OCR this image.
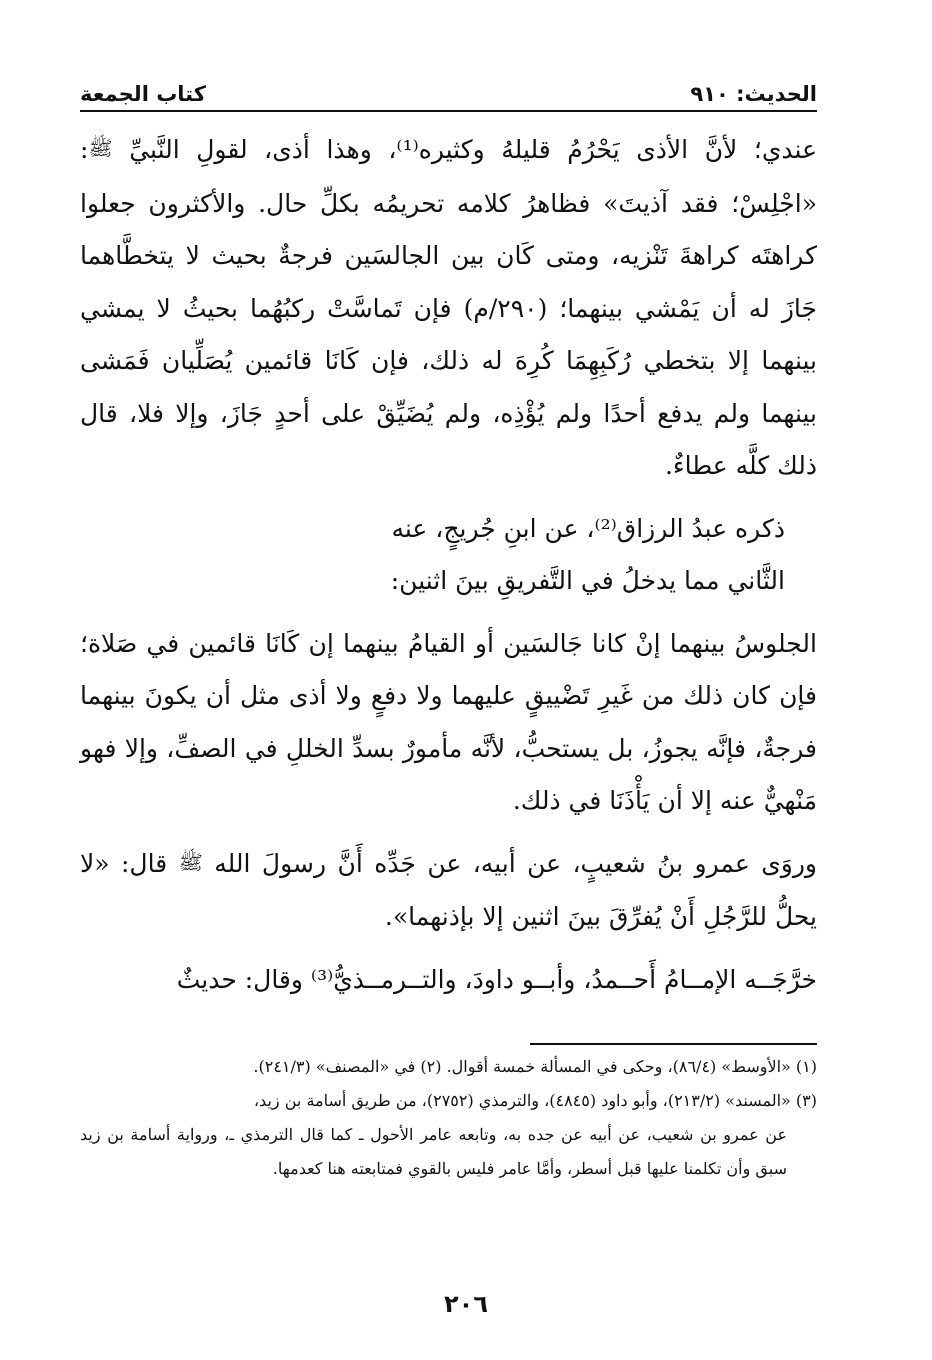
الحديث: ٩١٠
كتاب الجمعة

عندي؛ لأنَّ الأذى يَحْرُمُ قليلهُ وكثيره⁽¹⁾، وهذا أذى، لقولِ النَّبيِّ ﷺ: «اجْلِسْ؛ فقد آذيتَ» فظاهرُ كلامه تحريمُه بكلِّ حال. والأكثرون جعلوا كراهتَه كراهةَ تَنْزيه، ومتى كَان بين الجالسَين فرجةٌ بحيث لا يتخطَّاهما جَازَ له أن يَمْشي بينهما؛ (٢٩٠/م) فإن تَماسَّتْ ركبُهُما بحيثُ لا يمشي بينهما إلا بتخطي رُكَبِهِمَا كُرِهَ له ذلك، فإن كَانَا قائمين يُصَلِّيان فَمَشى بينهما ولم يدفع أحدًا ولم يُؤْذِه، ولم يُضَيِّقْ على أحدٍ جَازَ، وإلا فلا، قال ذلك كلَّه عطاءٌ.

ذكره عبدُ الرزاق⁽²⁾، عن ابنِ جُريجٍ، عنه

الثَّاني مما يدخلُ في التَّفريقِ بينَ اثنين:

الجلوسُ بينهما إنْ كانا جَالسَين أو القيامُ بينهما إن كَانَا قائمين في صَلاة؛ فإن كان ذلك من غَيرِ تَضْييقٍ عليهما ولا دفعٍ ولا أذى مثل أن يكونَ بينهما فرجةٌ، فإنَّه يجوزُ، بل يستحبُّ، لأنَّه مأمورٌ بسدِّ الخللِ في الصفِّ، وإلا فهو مَنْهيٌّ عنه إلا أن يَأْذَنَا في ذلك.

وروَى عمرو بنُ شعيبٍ، عن أبيه، عن جَدِّه أَنَّ رسولَ الله ﷺ قال: «لا يحلُّ للرَّجُلِ أَنْ يُفرِّقَ بينَ اثنين إلا بإذنهما».

خرَّجَــه الإمــامُ أَحــمدُ، وأبــو داودَ، والتــرمــذيُّ⁽³⁾ وقال: حديثٌ

(١) «الأوسط» (٨٦/٤)، وحكى في المسألة خمسة أقوال. (٢) في «المصنف» (٢٤١/٣).

(٣) «المسند» (٢١٣/٢)، وأبو داود (٤٨٤٥)، والترمذي (٢٧٥٢)، من طريق أسامة بن زيد،

عن عمرو بن شعيب، عن أبيه عن جده به، وتابعه عامر الأحول ـ كما قال الترمذي ـ، ورواية أسامة بن زيد سبق وأن تكلمنا عليها قبل أسطر، وأمَّا عامر فليس بالقوي فمتابعته هنا كعدمها.

٢٠٦
